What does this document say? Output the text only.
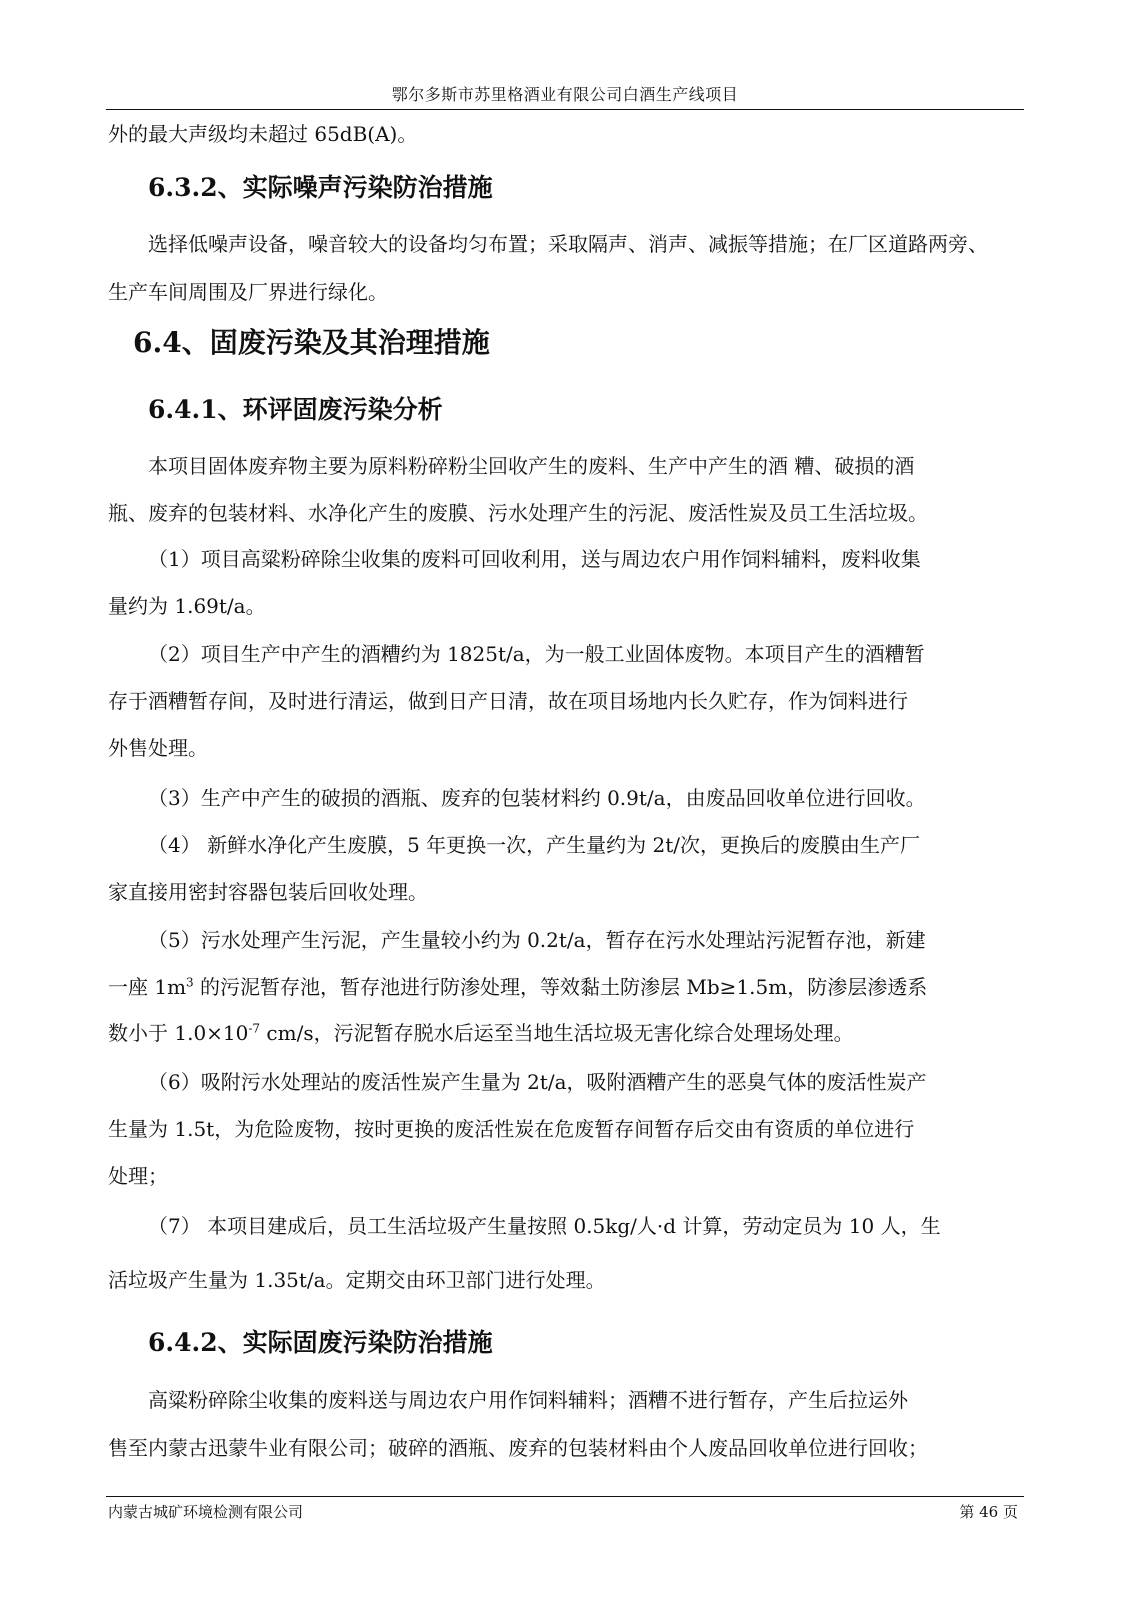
鄂尔多斯市苏里格酒业有限公司白酒生产线项目
外的最大声级均未超过 65dB(A)。
6.3.2、实际噪声污染防治措施
选择低噪声设备，噪音较大的设备均匀布置；采取隔声、消声、减振等措施；在厂区道路两旁、
生产车间周围及厂界进行绿化。
6.4、固废污染及其治理措施
6.4.1、环评固废污染分析
本项目固体废弃物主要为原料粉碎粉尘回收产生的废料、生产中产生的酒 糟、破损的酒
瓶、废弃的包装材料、水净化产生的废膜、污水处理产生的污泥、废活性炭及员工生活垃圾。
（1）项目高粱粉碎除尘收集的废料可回收利用，送与周边农户用作饲料辅料，废料收集
量约为 1.69t/a。
（2）项目生产中产生的酒糟约为 1825t/a，为一般工业固体废物。本项目产生的酒糟暂
存于酒糟暂存间，及时进行清运，做到日产日清，故在项目场地内长久贮存，作为饲料进行
外售处理。
（3）生产中产生的破损的酒瓶、废弃的包装材料约 0.9t/a，由废品回收单位进行回收。
（4） 新鲜水净化产生废膜，5 年更换一次，产生量约为 2t/次，更换后的废膜由生产厂
家直接用密封容器包装后回收处理。
（5）污水处理产生污泥，产生量较小约为 0.2t/a，暂存在污水处理站污泥暂存池，新建
一座 $1m^3$ 的污泥暂存池，暂存池进行防渗处理，等效黏土防渗层 Mb≥1.5m，防渗层渗透系
数小于 $1.0\times 10^{-7}$ cm/s，污泥暂存脱水后运至当地生活垃圾无害化综合处理场处理。
（6）吸附污水处理站的废活性炭产生量为 2t/a，吸附酒糟产生的恶臭气体的废活性炭产
生量为 1.5t，为危险废物，按时更换的废活性炭在危废暂存间暂存后交由有资质的单位进行
处理；
（7） 本项目建成后，员工生活垃圾产生量按照 0.5kg/人·d 计算，劳动定员为 10 人，生
活垃圾产生量为 1.35t/a。定期交由环卫部门进行处理。
6.4.2、实际固废污染防治措施
高粱粉碎除尘收集的废料送与周边农户用作饲料辅料；酒糟不进行暂存，产生后拉运外
售至内蒙古迅蒙牛业有限公司；破碎的酒瓶、废弃的包装材料由个人废品回收单位进行回收；
内蒙古城矿环境检测有限公司	第 46 页
